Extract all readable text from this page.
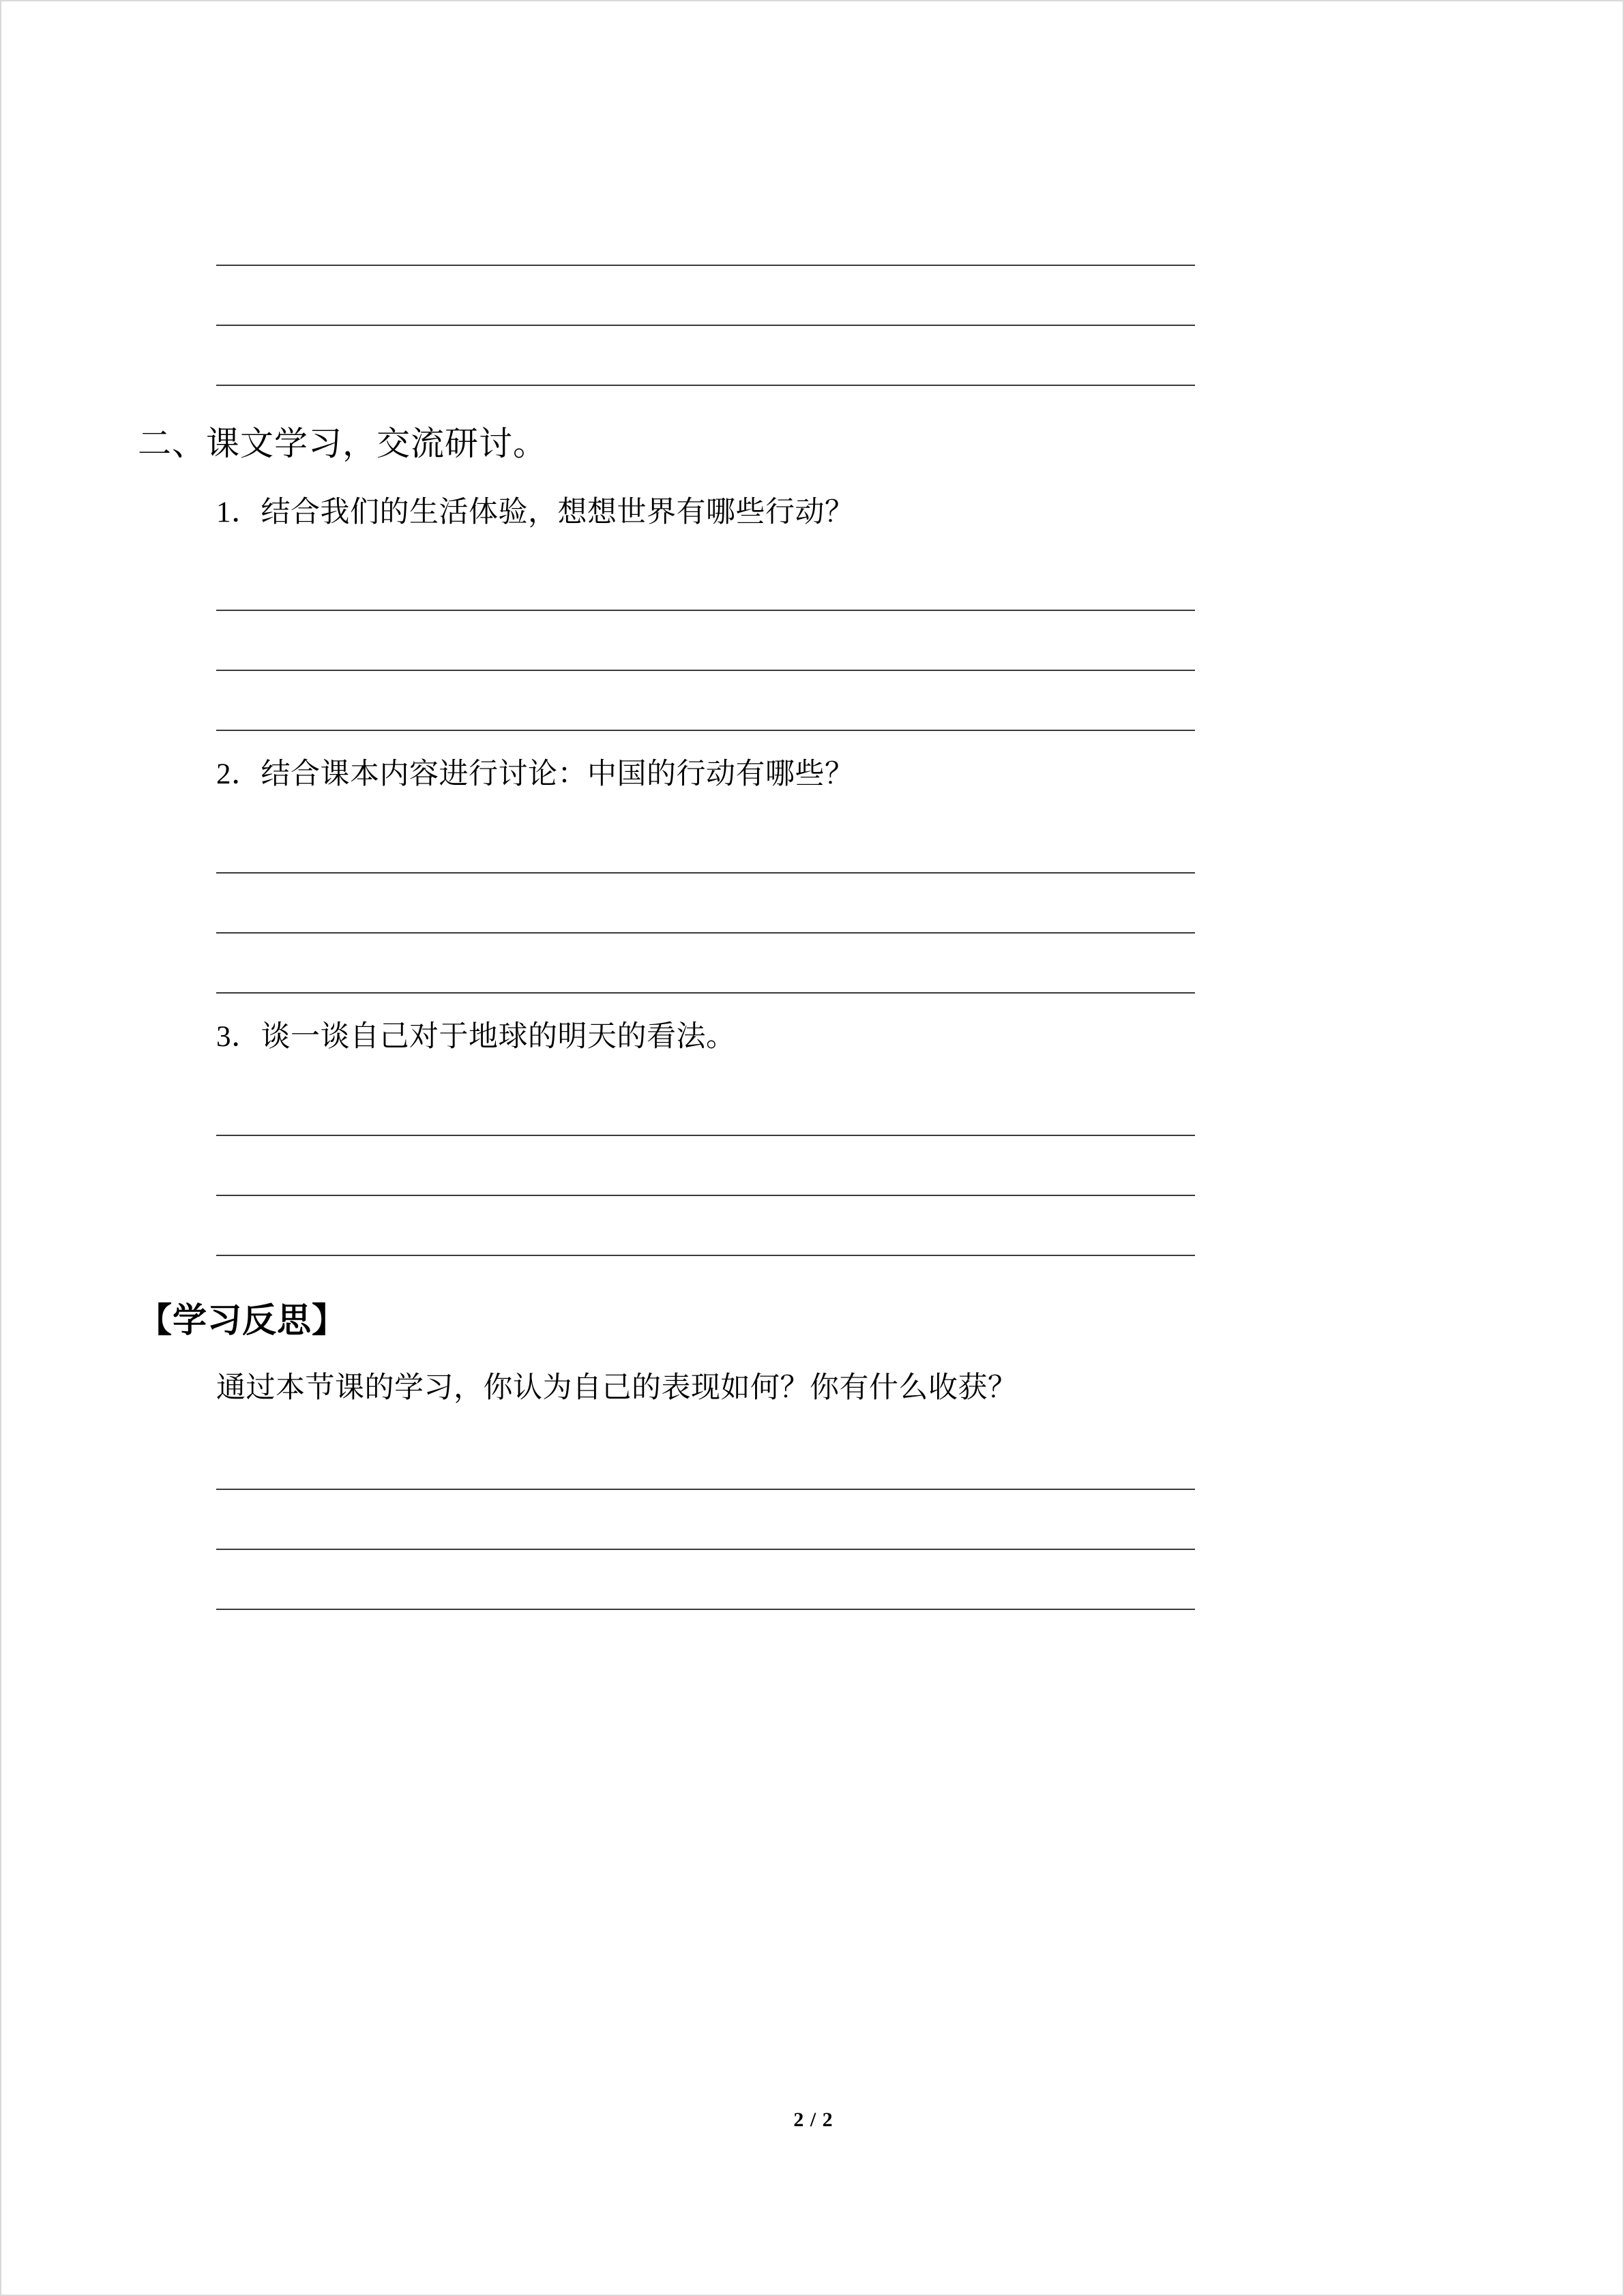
二、课文学习，交流研讨。
1．结合我们的生活体验，想想世界有哪些行动？
2．结合课本内容进行讨论：中国的行动有哪些？
3．谈一谈自己对于地球的明天的看法。
【学习反思】
通过本节课的学习，你认为自己的表现如何？你有什么收获？
2 / 2
